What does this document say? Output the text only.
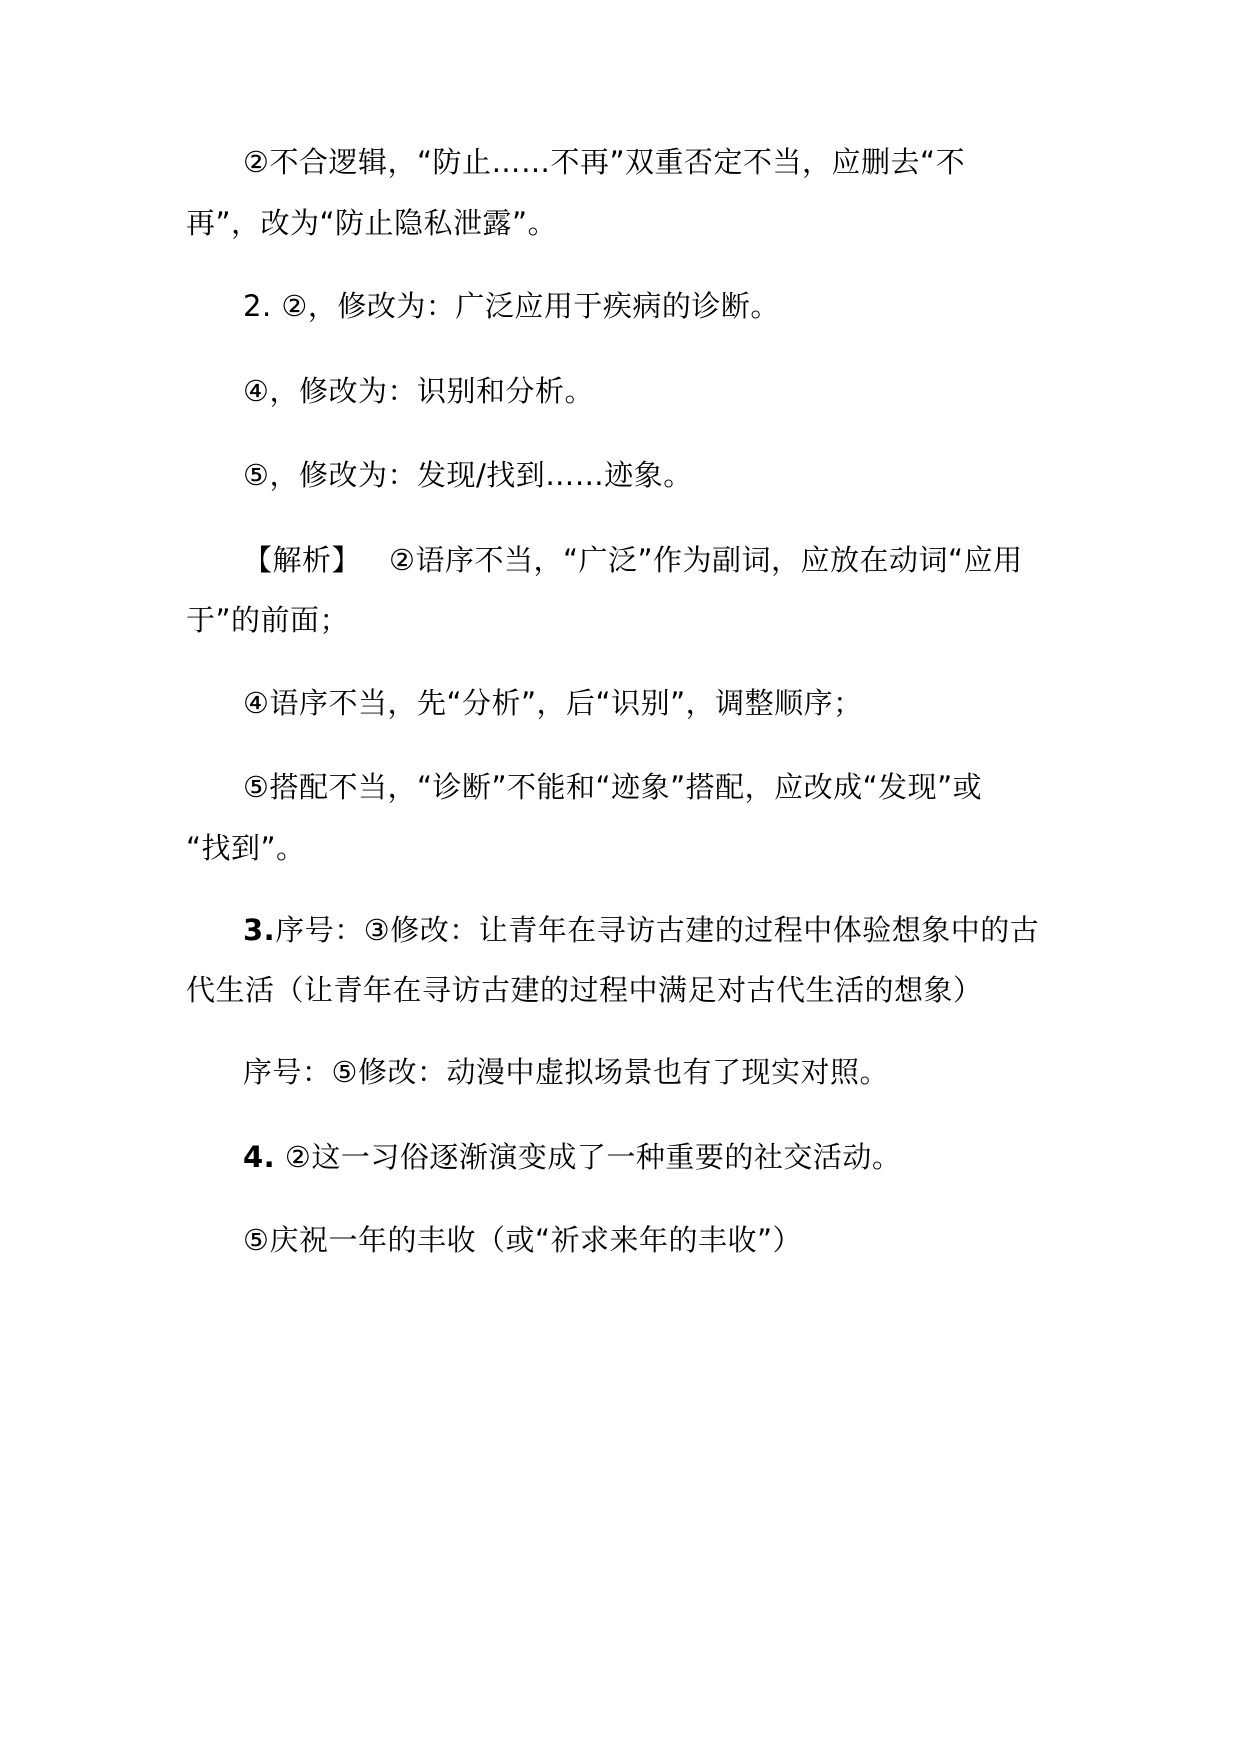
②不合逻辑，“防止……不再”双重否定不当，应删去“不
再”，改为“防止隐私泄露”。
2. ②，修改为：广泛应用于疾病的诊断。
④，修改为：识别和分析。
⑤，修改为：发现/找到……迹象。
【解析】 ②语序不当，“广泛”作为副词，应放在动词“应用
于”的前面；
④语序不当，先“分析”，后“识别”，调整顺序；
⑤搭配不当，“诊断”不能和“迹象”搭配，应改成“发现”或
“找到”。
3.序号：③修改：让青年在寻访古建的过程中体验想象中的古
代生活（让青年在寻访古建的过程中满足对古代生活的想象）
序号：⑤修改：动漫中虚拟场景也有了现实对照。
4. ②这一习俗逐渐演变成了一种重要的社交活动。
⑤庆祝一年的丰收（或“祈求来年的丰收”）
